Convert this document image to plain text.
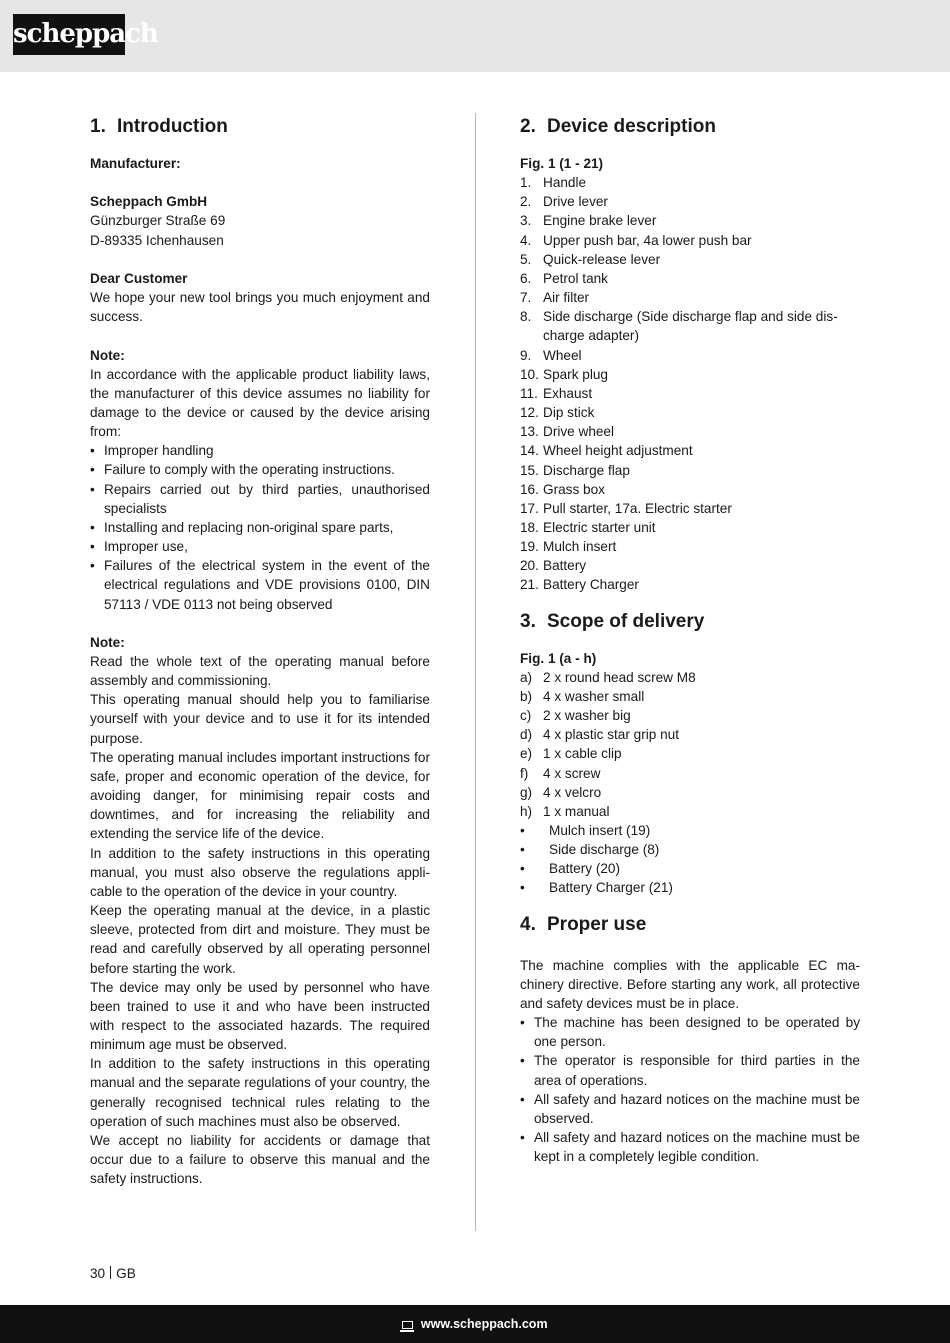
scheppach
1. Introduction
Manufacturer:
Scheppach GmbH
Günzburger Straße 69
D-89335 Ichenhausen
Dear Customer
We hope your new tool brings you much enjoyment and success.
Note:
In accordance with the applicable product liability laws, the manufacturer of this device assumes no liability for damage to the device or caused by the device arising from:
• Improper handling
• Failure to comply with the operating instructions.
• Repairs carried out by third parties, unauthorised specialists
• Installing and replacing non-original spare parts,
• Improper use,
• Failures of the electrical system in the event of the electrical regulations and VDE provisions 0100, DIN 57113 / VDE 0113 not being observed
Note:
Read the whole text of the operating manual before assembly and commissioning.
This operating manual should help you to familiarise yourself with your device and to use it for its intended purpose.
The operating manual includes important instructions for safe, proper and economic operation of the device, for avoiding danger, for minimising repair costs and downtimes, and for increasing the reliability and extending the service life of the device.
In addition to the safety instructions in this operating manual, you must also observe the regulations applicable to the operation of the device in your country.
Keep the operating manual at the device, in a plastic sleeve, protected from dirt and moisture. They must be read and carefully observed by all operating personnel before starting the work.
The device may only be used by personnel who have been trained to use it and who have been instructed with respect to the associated hazards. The required minimum age must be observed.
In addition to the safety instructions in this operating manual and the separate regulations of your country, the generally recognised technical rules relating to the operation of such machines must also be observed.
We accept no liability for accidents or damage that occur due to a failure to observe this manual and the safety instructions.
2. Device description
Fig. 1 (1 - 21)
1. Handle
2. Drive lever
3. Engine brake lever
4. Upper push bar, 4a lower push bar
5. Quick-release lever
6. Petrol tank
7. Air filter
8. Side discharge (Side discharge flap and side discharge adapter)
9. Wheel
10. Spark plug
11. Exhaust
12. Dip stick
13. Drive wheel
14. Wheel height adjustment
15. Discharge flap
16. Grass box
17. Pull starter, 17a. Electric starter
18. Electric starter unit
19. Mulch insert
20. Battery
21. Battery Charger
3. Scope of delivery
Fig. 1 (a - h)
a) 2 x round head screw M8
b) 4 x washer small
c) 2 x washer big
d) 4 x plastic star grip nut
e) 1 x cable clip
f) 4 x screw
g) 4 x velcro
h) 1 x manual
• Mulch insert (19)
• Side discharge (8)
• Battery (20)
• Battery Charger (21)
4. Proper use
The machine complies with the applicable EC machinery directive. Before starting any work, all protective and safety devices must be in place.
• The machine has been designed to be operated by one person.
• The operator is responsible for third parties in the area of operations.
• All safety and hazard notices on the machine must be observed.
• All safety and hazard notices on the machine must be kept in a completely legible condition.
30 GB
www.scheppach.com
